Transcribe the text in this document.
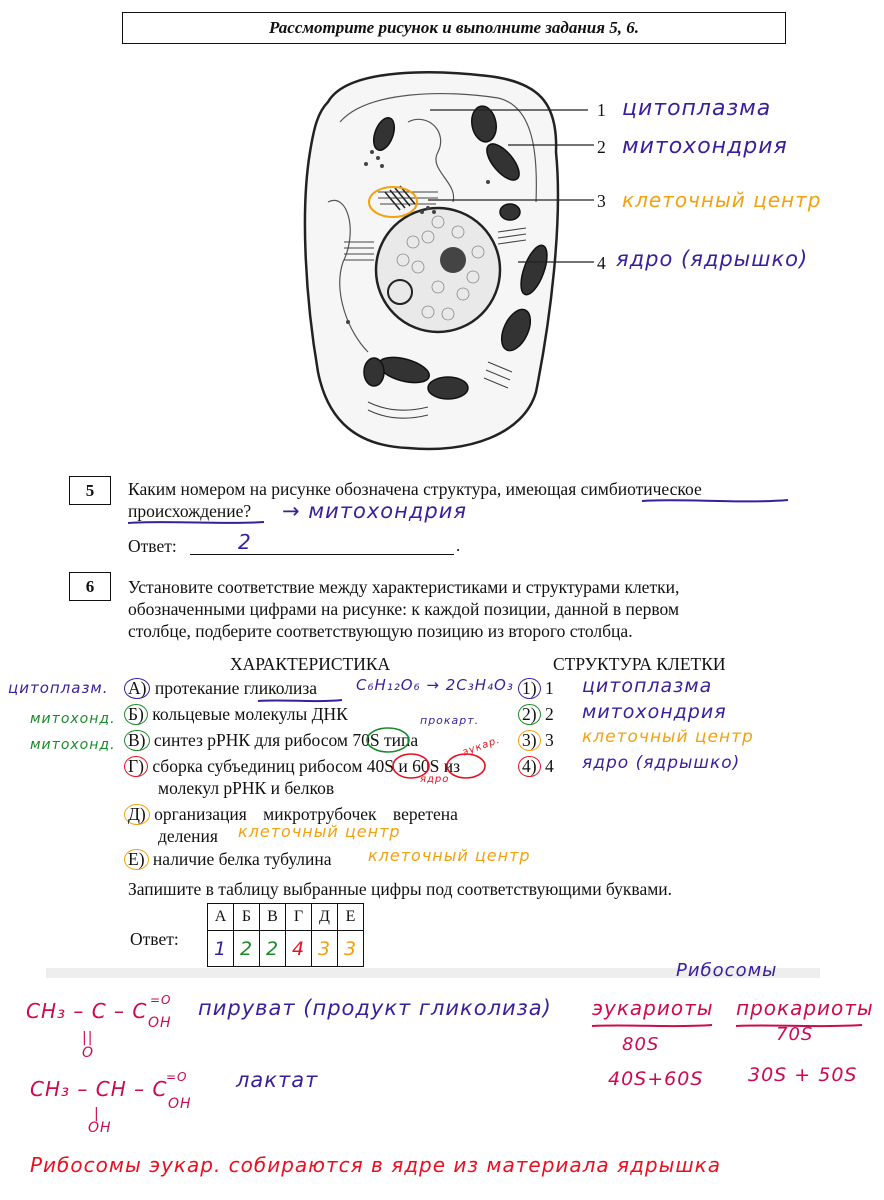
Рассмотрите рисунок и выполните задания 5, 6.
1
2
3
4
цитоплазма
митохондрия
клеточный центр
ядро (ядрышко)
5	Каким номером на рисунке обозначена структура, имеющая симбиотическое
происхождение? → митохондрия
Ответ:	.
2
6	Установите соответствие между характеристиками и структурами клетки,
обозначенными цифрами на рисунке: к каждой позиции, данной в первом
столбце, подберите соответствующую позицию из второго столбца.
ХАРАКТЕРИСТИКА	СТРУКТУРА КЛЕТКИ
А) протекание гликолиза
Б) кольцевые молекулы ДНК
В) синтез рРНК для рибосом 70S типа
Г) сборка субъединиц рибосом 40S и 60S из
молекул рРНК и белков
Д) организация микротрубочек веретена
деления
Е) наличие белка тубулина
1) 1
2) 2
3) 3
4) 4
цитоплазма
митохондрия
клеточный центр
ядро (ядрышко)
цитоплазм.
митохонд.
митохонд.
C₆H₁₂O₆ → 2C₃H₄O₃
прокарт.
эукар.
ядро
клеточный центр
клеточный центр
Запишите в таблицу выбранные цифры под соответствующими буквами.
Ответ:
А	Б	В	Г	Д	Е
1	2	2	4	3	3
Рибосомы
CH₃ – C – C =O
OH
||
O
пируват (продукт гликолиза) эукариоты прокариоты
80S	70S
40S+60S 30S + 50S
CH₃ – CH – C
=O
OH
|
OH
лактат
Рибосомы эукар. собираются в ядре из материала ядрышка
